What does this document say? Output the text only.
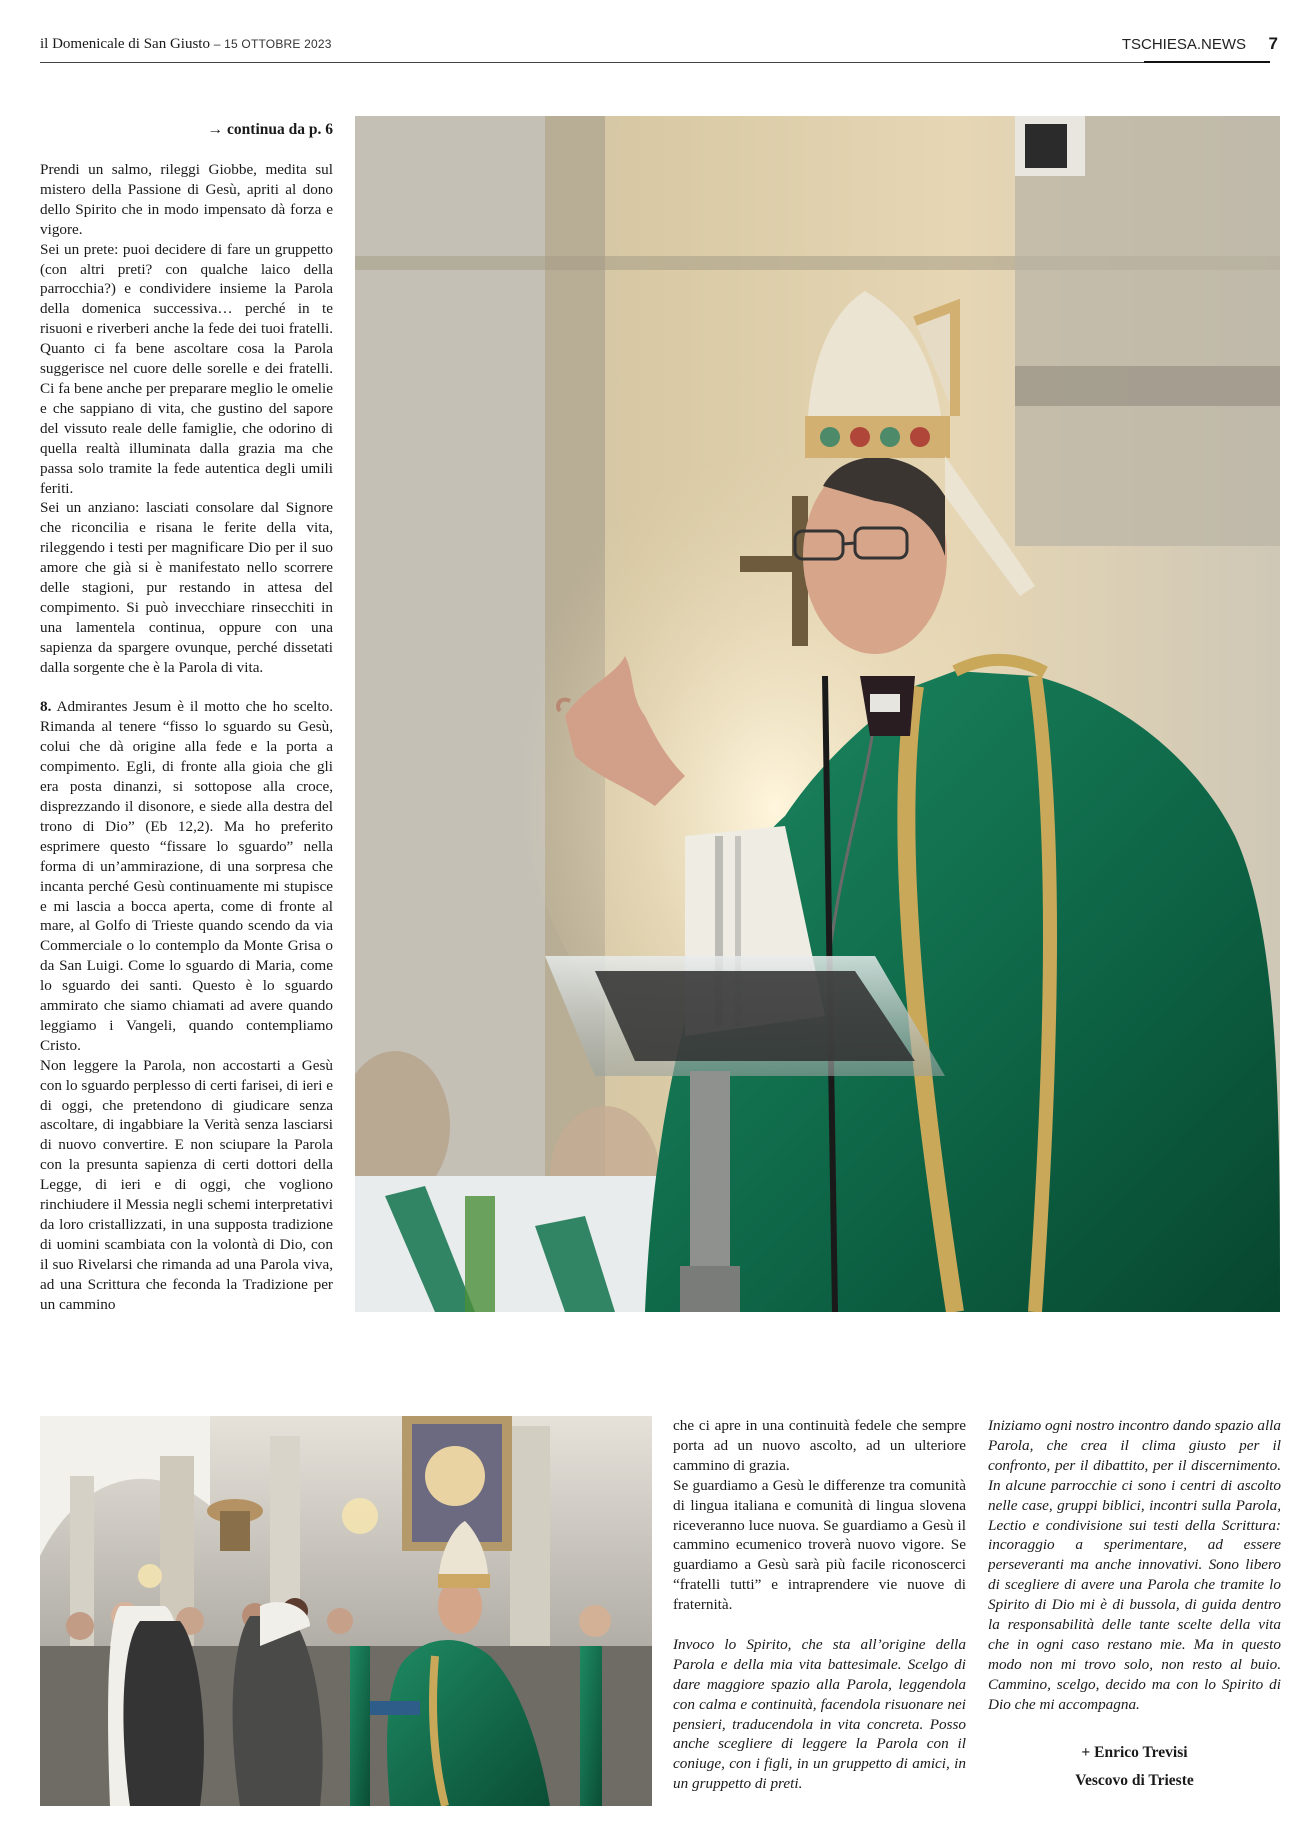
il Domenicale di San Giusto – 15 OTTOBRE 2023	TSCHIESA.NEWS 7
→ continua da p. 6

Prendi un salmo, rileggi Giobbe, medita sul mistero della Passione di Gesù, apriti al dono dello Spirito che in modo impensato dà forza e vigore.

Sei un prete: puoi decidere di fare un gruppetto (con altri preti? con qualche laico della parrocchia?) e condividere insieme la Parola della domenica successiva… perché in te risuoni e riverberi anche la fede dei tuoi fratelli. Quanto ci fa bene ascoltare cosa la Parola suggerisce nel cuore delle sorelle e dei fratelli. Ci fa bene anche per preparare meglio le omelie e che sappiano di vita, che gustino del sapore del vissuto reale delle famiglie, che odorino di quella realtà illuminata dalla grazia ma che passa solo tramite la fede autentica degli umili feriti.

Sei un anziano: lasciati consolare dal Signore che riconcilia e risana le ferite della vita, rileggendo i testi per magnificare Dio per il suo amore che già si è manifestato nello scorrere delle stagioni, pur restando in attesa del compimento. Si può invecchiare rinsecchiti in una lamentela continua, oppure con una sapienza da spargere ovunque, perché dissetati dalla sorgente che è la Parola di vita.

8. Admirantes Jesum è il motto che ho scelto. Rimanda al tenere “fisso lo sguardo su Gesù, colui che dà origine alla fede e la porta a compimento. Egli, di fronte alla gioia che gli era posta dinanzi, si sottopose alla croce, disprezzando il disonore, e siede alla destra del trono di Dio” (Eb 12,2). Ma ho preferito esprimere questo “fissare lo sguardo” nella forma di un’ammirazione, di una sorpresa che incanta perché Gesù continuamente mi stupisce e mi lascia a bocca aperta, come di fronte al mare, al Golfo di Trieste quando scendo da via Commerciale o lo contemplo da Monte Grisa o da San Luigi. Come lo sguardo di Maria, come lo sguardo dei santi. Questo è lo sguardo ammirato che siamo chiamati ad avere quando leggiamo i Vangeli, quando contempliamo Cristo.

Non leggere la Parola, non accostarti a Gesù con lo sguardo perplesso di certi farisei, di ieri e di oggi, che pretendono di giudicare senza ascoltare, di ingabbiare la Verità senza lasciarsi di nuovo convertire. E non sciupare la Parola con la presunta sapienza di certi dottori della Legge, di ieri e di oggi, che vogliono rinchiudere il Messia negli schemi interpretativi da loro cristallizzati, in una supposta tradizione di uomini scambiata con la volontà di Dio, con il suo Rivelarsi che rimanda ad una Parola viva, ad una Scrittura che feconda la Tradizione per un cammino

che ci apre in una continuità fedele che sempre porta ad un nuovo ascolto, ad un ulteriore cammino di grazia.

Se guardiamo a Gesù le differenze tra comunità di lingua italiana e comunità di lingua slovena riceveranno luce nuova. Se guardiamo a Gesù il cammino ecumenico troverà nuovo vigore. Se guardiamo a Gesù sarà più facile riconoscerci “fratelli tutti” e intraprendere vie nuove di fraternità.

Invoco lo Spirito, che sta all’origine della Parola e della mia vita battesimale. Scelgo di dare maggiore spazio alla Parola, leggendola con calma e continuità, facendola risuonare nei pensieri, traducendola in vita concreta. Posso anche scegliere di leggere la Parola con il coniuge, con i figli, in un gruppetto di amici, in un gruppetto di preti.

Iniziamo ogni nostro incontro dando spazio alla Parola, che crea il clima giusto per il confronto, per il dibattito, per il discernimento. In alcune parrocchie ci sono i centri di ascolto nelle case, gruppi biblici, incontri sulla Parola, Lectio e condivisione sui testi della Scrittura: incoraggio a sperimentare, ad essere perseveranti ma anche innovativi. Sono libero di scegliere di avere una Parola che tramite lo Spirito di Dio mi è di bussola, di guida dentro la responsabilità delle tante scelte della vita che in ogni caso restano mie. Ma in questo modo non mi trovo solo, non resto al buio. Cammino, scelgo, decido ma con lo Spirito di Dio che mi accompagna.

+ Enrico Trevisi
Vescovo di Trieste
